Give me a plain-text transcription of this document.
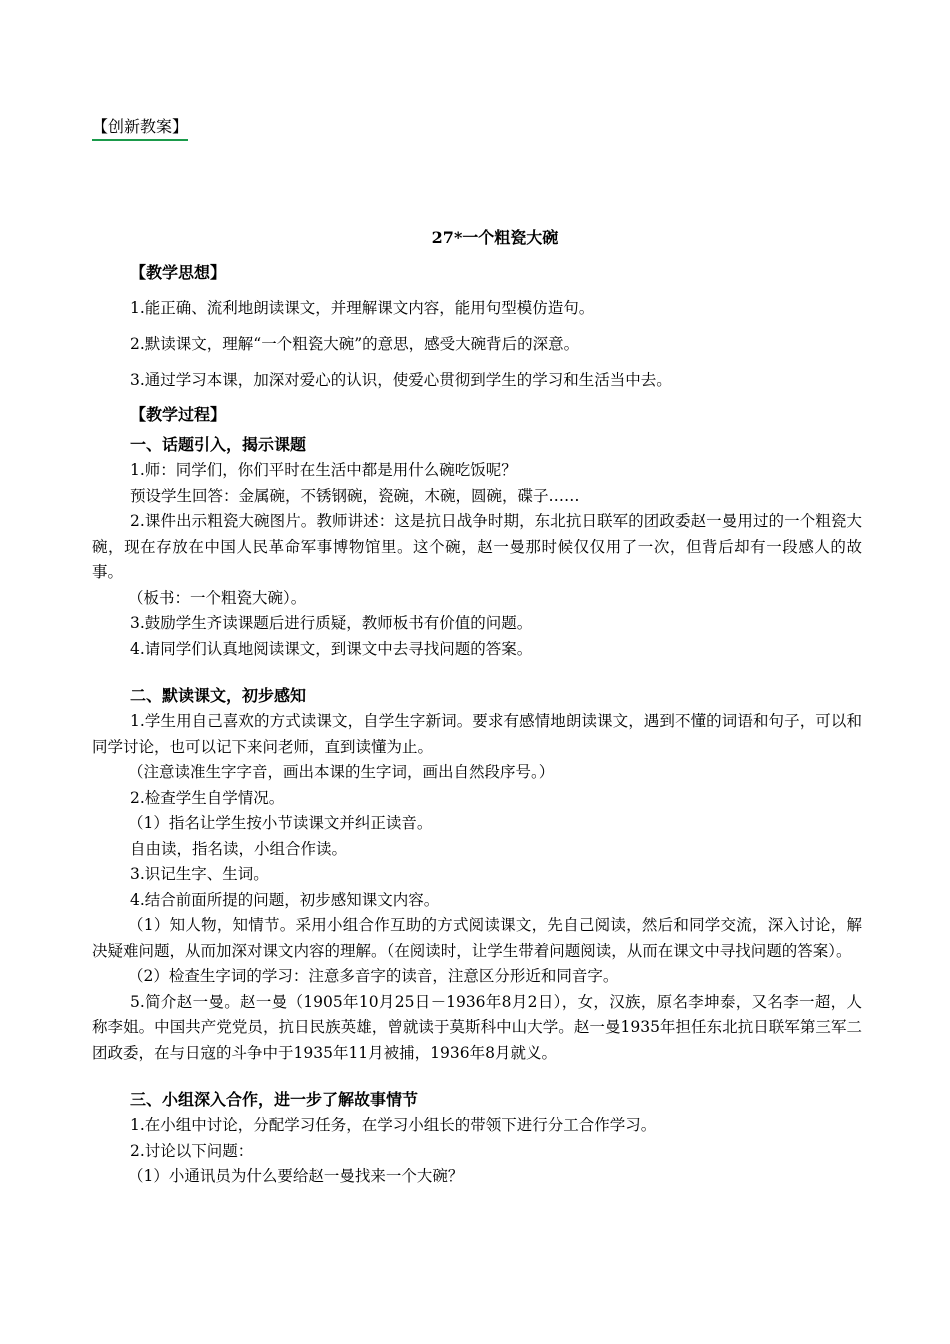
【创新教案】
27*一个粗瓷大碗
【教学思想】
1.能正确、流利地朗读课文，并理解课文内容，能用句型模仿造句。
2.默读课文，理解“一个粗瓷大碗”的意思，感受大碗背后的深意。
3.通过学习本课，加深对爱心的认识，使爱心贯彻到学生的学习和生活当中去。
【教学过程】
一、话题引入，揭示课题
1.师：同学们，你们平时在生活中都是用什么碗吃饭呢？
预设学生回答：金属碗，不锈钢碗，瓷碗，木碗，圆碗，碟子……
2.课件出示粗瓷大碗图片。教师讲述：这是抗日战争时期，东北抗日联军的团政委赵一曼用过的一个粗瓷大碗，现在存放在中国人民革命军事博物馆里。这个碗，赵一曼那时候仅仅用了一次，但背后却有一段感人的故事。
（板书：一个粗瓷大碗）。
3.鼓励学生齐读课题后进行质疑，教师板书有价值的问题。
4.请同学们认真地阅读课文，到课文中去寻找问题的答案。
二、默读课文，初步感知
1.学生用自己喜欢的方式读课文，自学生字新词。要求有感情地朗读课文，遇到不懂的词语和句子，可以和同学讨论，也可以记下来问老师，直到读懂为止。
（注意读准生字字音，画出本课的生字词，画出自然段序号。）
2.检查学生自学情况。
（1）指名让学生按小节读课文并纠正读音。
自由读，指名读，小组合作读。
3.识记生字、生词。
4.结合前面所提的问题，初步感知课文内容。
（1）知人物，知情节。采用小组合作互助的方式阅读课文，先自己阅读，然后和同学交流，深入讨论，解决疑难问题，从而加深对课文内容的理解。（在阅读时，让学生带着问题阅读，从而在课文中寻找问题的答案）。
（2）检查生字词的学习：注意多音字的读音，注意区分形近和同音字。
5.简介赵一曼。赵一曼（1905年10月25日－1936年8月2日），女，汉族，原名李坤泰，又名李一超，人称李姐。中国共产党党员，抗日民族英雄，曾就读于莫斯科中山大学。赵一曼1935年担任东北抗日联军第三军二团政委，在与日寇的斗争中于1935年11月被捕，1936年8月就义。
三、小组深入合作，进一步了解故事情节
1.在小组中讨论，分配学习任务，在学习小组长的带领下进行分工合作学习。
2.讨论以下问题：
（1）小通讯员为什么要给赵一曼找来一个大碗？
